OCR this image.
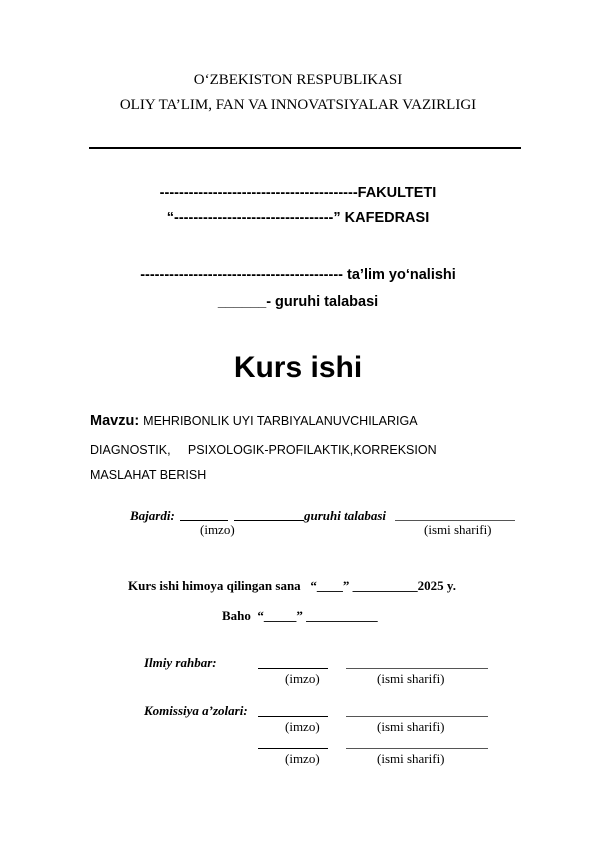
O‘ZBEKISTON RESPUBLIKASI
OLIY TA’LIM, FAN VA INNOVATSIYALAR VAZIRLIGI
-----------------------------------------FAKULTETI
“---------------------------------” KAFEDRASI
------------------------------------------ ta’lim yo‘nalishi
______- guruhi talabasi
Kurs ishi
Mavzu: MEHRIBONLIK UYI TARBIYALANUVCHILARIGA
DIAGNOSTIK,     PSIXOLOGIK-PROFILAKTIK,KORREKSION
MASLAHAT BERISH
Bajardi:	guruhi talabasi
(imzo)	(ismi sharifi)
Kurs ishi himoya qilingan sana   “____” __________2025 y.
Baho  “_____” ___________
Ilmiy rahbar:
(imzo)	(ismi sharifi)
Komissiya a’zolari:
(imzo)	(ismi sharifi)
(imzo)	(ismi sharifi)
